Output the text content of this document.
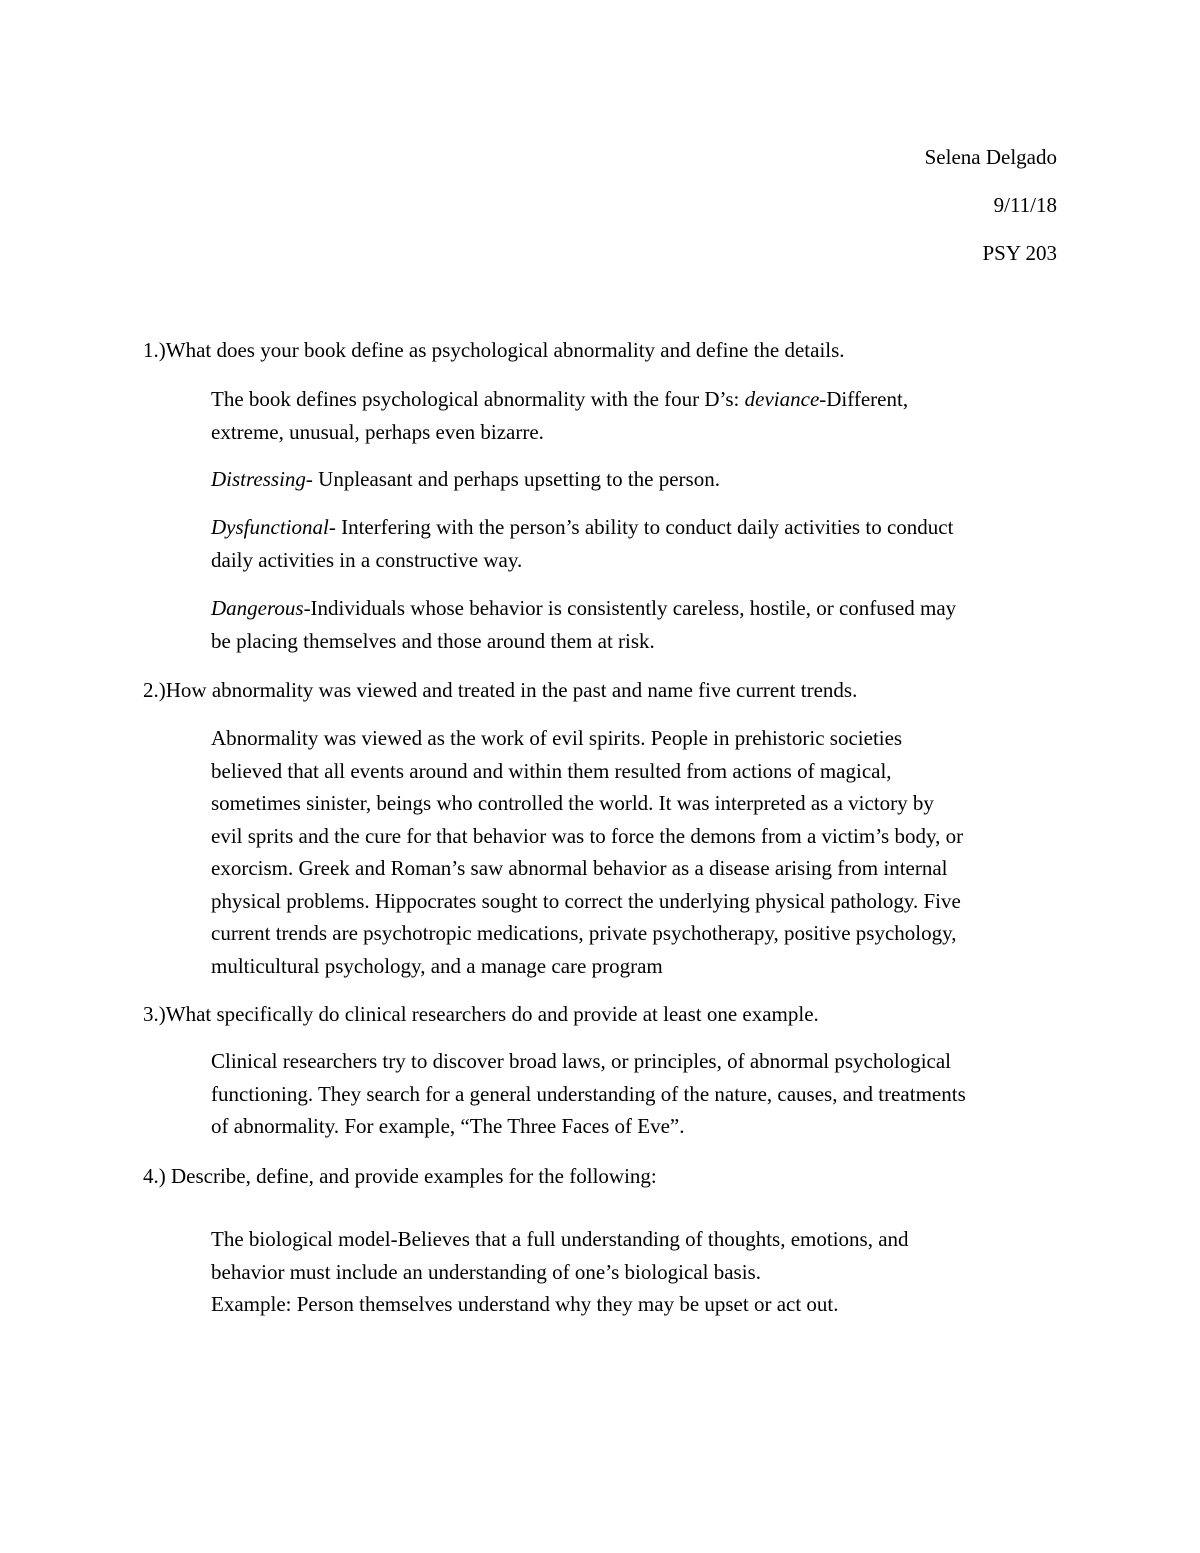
Selena Delgado
9/11/18
PSY 203
1.)What does your book define as psychological abnormality and define the details.
The book defines psychological abnormality with the four D’s: deviance-Different,
extreme, unusual, perhaps even bizarre.
Distressing- Unpleasant and perhaps upsetting to the person.
Dysfunctional- Interfering with the person’s ability to conduct daily activities to conduct
daily activities in a constructive way.
Dangerous-Individuals whose behavior is consistently careless, hostile, or confused may
be placing themselves and those around them at risk.
2.)How abnormality was viewed and treated in the past and name five current trends.
Abnormality was viewed as the work of evil spirits. People in prehistoric societies
believed that all events around and within them resulted from actions of magical,
sometimes sinister, beings who controlled the world. It was interpreted as a victory by
evil sprits and the cure for that behavior was to force the demons from a victim’s body, or
exorcism. Greek and Roman’s saw abnormal behavior as a disease arising from internal
physical problems. Hippocrates sought to correct the underlying physical pathology. Five
current trends are psychotropic medications, private psychotherapy, positive psychology,
multicultural psychology, and a manage care program
3.)What specifically do clinical researchers do and provide at least one example.
Clinical researchers try to discover broad laws, or principles, of abnormal psychological
functioning. They search for a general understanding of the nature, causes, and treatments
of abnormality. For example, “The Three Faces of Eve”.
4.) Describe, define, and provide examples for the following:
The biological model-Believes that a full understanding of thoughts, emotions, and
behavior must include an understanding of one’s biological basis.
Example: Person themselves understand why they may be upset or act out.
